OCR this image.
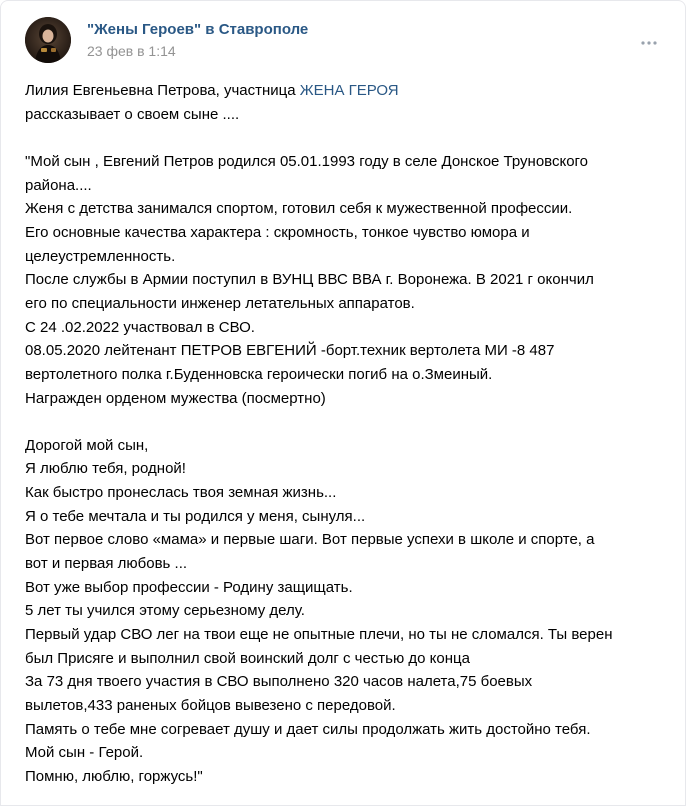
"Жены Героев" в Ставрополе
23 фев в 1:14
Лилия Евгеньевна Петрова, участница ЖЕНА ГЕРОЯ
рассказывает о своем сыне ....
"Мой сын , Евгений Петров родился 05.01.1993 году в селе Донское Труновского
района....
Женя с детства занимался спортом, готовил себя к мужественной профессии.
Его основные качества характера : скромность, тонкое чувство юмора и
целеустремленность.
После службы в Армии поступил в ВУНЦ ВВС ВВА г. Воронежа. В 2021 г окончил
его по специальности инженер летательных аппаратов.
С 24 .02.2022 участвовал в СВО.
08.05.2020 лейтенант ПЕТРОВ ЕВГЕНИЙ -борт.техник вертолета МИ -8 487
вертолетного полка г.Буденновска героически погиб на о.Змеиный.
Награжден орденом мужества (посмертно)
Дорогой мой сын,
Я люблю тебя, родной!
Как быстро пронеслась твоя земная жизнь...
Я о тебе мечтала и ты родился у меня, сынуля...
Вот первое слово «мама» и первые шаги. Вот первые успехи в школе и спорте, а
вот и первая любовь ...
Вот уже выбор профессии - Родину защищать.
5 лет ты учился этому серьезному делу.
Первый удар СВО лег на твои еще не опытные плечи, но ты не сломался. Ты верен
был Присяге и выполнил свой воинский долг с честью до конца
За 73 дня твоего участия в СВО выполнено 320 часов налета,75 боевых
вылетов,433 раненых бойцов вывезено с передовой.
Память о тебе мне согревает душу и дает силы продолжать жить достойно тебя.
Мой сын - Герой.
Помню, люблю, горжусь!"
